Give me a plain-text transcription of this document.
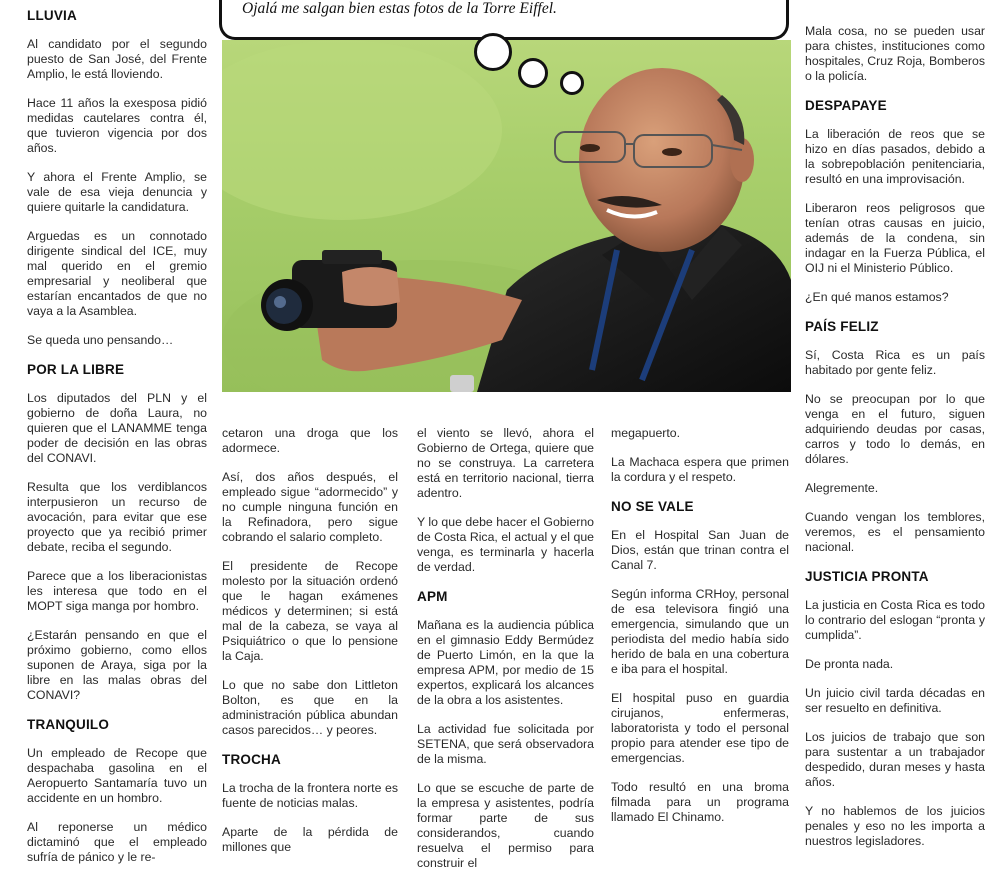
LLUVIA

Al candidato por el segundo puesto de San José, del Frente Amplio, le está lloviendo.

Hace 11 años la exesposa pidió medidas cautelares contra él, que tuvieron vigencia por dos años.

Y ahora el Frente Amplio, se vale de esa vieja denuncia y quiere quitarle la candidatura.

Arguedas es un connotado dirigente sindical del ICE, muy mal querido en el gremio empresarial y neoliberal que estarían encantados de que no vaya a la Asamblea.

Se queda uno pensando…

POR LA LIBRE

Los diputados del PLN y el gobierno de doña Laura, no quieren que el LANAMME tenga poder de decisión en las obras del CONAVI.

Resulta que los verdiblancos interpusieron un recurso de avocación, para evitar que ese proyecto que ya recibió primer debate, reciba el segundo.

Parece que a los liberacionistas les interesa que todo en el MOPT siga manga por hombro.

¿Estarán pensando en que el próximo gobierno, como ellos suponen de Araya, siga por la libre en las malas obras del CONAVI?

TRANQUILO

Un empleado de Recope que despachaba gasolina en el Aeropuerto Santamaría tuvo un accidente en un hombro.

Al reponerse un médico dictaminó que el empleado sufría de pánico y le re-

cetaron una droga que los adormece.

Así, dos años después, el empleado sigue “adormecido” y no cumple ninguna función en la Refinadora, pero sigue cobrando el salario completo.

El presidente de Recope molesto por la situación ordenó que le hagan exámenes médicos y determinen; si está mal de la cabeza, se vaya al Psiquiátrico o que lo pensione la Caja.

Lo que no sabe don Littleton Bolton, es que en la administración pública abundan casos parecidos… y peores.

TROCHA

La trocha de la frontera norte es fuente de noticias malas.

Aparte de la pérdida de millones que

el viento se llevó, ahora el Gobierno de Ortega, quiere que no se construya. La carretera está en territorio nacional, tierra adentro.

Y lo que debe hacer el Gobierno de Costa Rica, el actual y el que venga, es terminarla y hacerla de verdad.

APM

Mañana es la audiencia pública en el gimnasio Eddy Bermúdez de Puerto Limón, en la que la empresa APM, por medio de 15 expertos, explicará los alcances de la obra a los asistentes.

La actividad fue solicitada por SETENA, que será observadora de la misma.

Lo que se escuche de parte de la empresa y asistentes, podría formar parte de sus considerandos, cuando resuelva el permiso para construir el

megapuerto.

La Machaca espera que primen la cordura y el respeto.

NO SE VALE

En el Hospital San Juan de Dios, están que trinan contra el Canal 7.

Según informa CRHoy, personal de esa televisora fingió una emergencia, simulando que un periodista del medio había sido herido de bala en una cobertura e iba para el hospital.

El hospital puso en guardia cirujanos, enfermeras, laboratorista y todo el personal propio para atender ese tipo de emergencias.

Todo resultó en una broma filmada para un programa llamado El Chinamo.

Mala cosa, no se pueden usar para chistes, instituciones como hospitales, Cruz Roja, Bomberos o la policía.

DESPAPAYE

La liberación de reos que se hizo en días pasados, debido a la sobrepoblación penitenciaria, resultó en una improvisación.

Liberaron reos peligrosos que tenían otras causas en juicio, además de la condena, sin indagar en la Fuerza Pública, el OIJ ni el Ministerio Público.

¿En qué manos estamos?

PAÍS FELIZ

Sí, Costa Rica es un país habitado por gente feliz.

No se preocupan por lo que venga en el futuro, siguen adquiriendo deudas por casas, carros y todo lo demás, en dólares.

Alegremente.

Cuando vengan los temblores, veremos, es el pensamiento nacional.

JUSTICIA PRONTA

La justicia en Costa Rica es todo lo contrario del eslogan “pronta y cumplida”.

De pronta nada.

Un juicio civil tarda décadas en ser resuelto en definitiva.

Los juicios de trabajo que son para sustentar a un trabajador despedido, duran meses y hasta años.

Y no hablemos de los juicios penales y eso no les importa a nuestros legisladores.

Ojalá me salgan bien estas fotos de la Torre Eiffel.
